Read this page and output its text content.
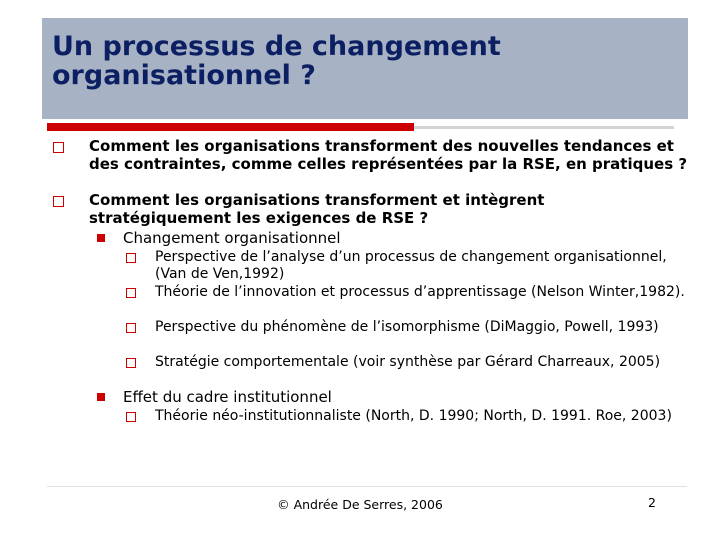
Un processus de changement organisationnel ?
Comment les organisations transforment des nouvelles tendances et des contraintes, comme celles représentées par la RSE, en pratiques ?
Comment les organisations transforment et intègrent stratégiquement les exigences de RSE ?
Changement organisationnel
Perspective de l’analyse d’un processus de changement organisationnel, (Van de Ven,1992)
Théorie de l’innovation et processus d’apprentissage (Nelson Winter,1982).
Perspective du phénomène de l’isomorphisme (DiMaggio, Powell, 1993)
Stratégie comportementale (voir synthèse par Gérard Charreaux, 2005)
Effet du cadre institutionnel
Théorie néo-institutionnaliste (North, D. 1990; North, D. 1991. Roe, 2003)
© Andrée De Serres, 2006	2
